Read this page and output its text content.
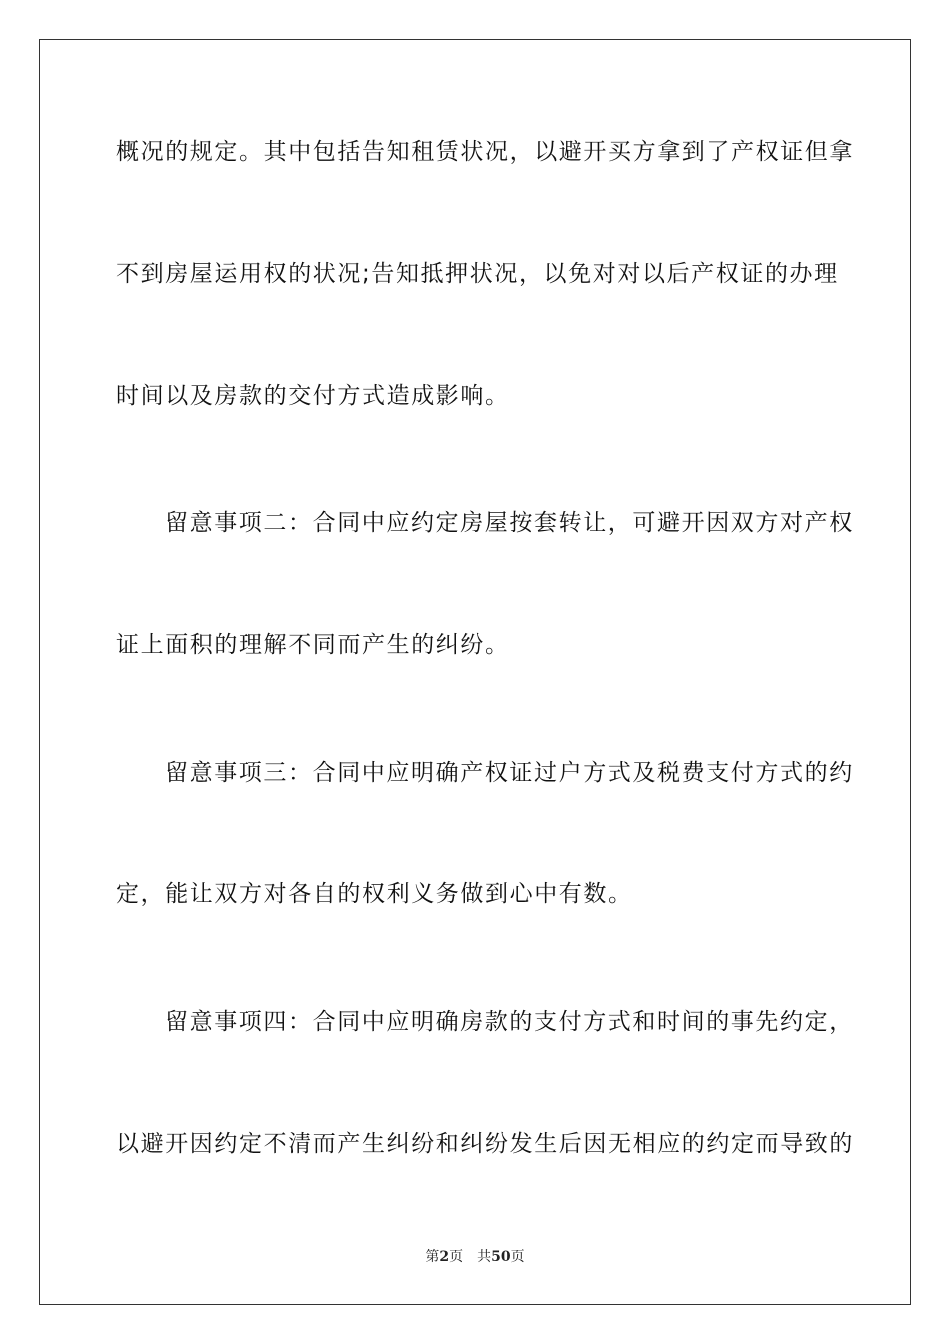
概况的规定。其中包括告知租赁状况，以避开买方拿到了产权证但拿
不到房屋运用权的状况;告知抵押状况，以免对对以后产权证的办理
时间以及房款的交付方式造成影响。
留意事项二：合同中应约定房屋按套转让，可避开因双方对产权
证上面积的理解不同而产生的纠纷。
留意事项三：合同中应明确产权证过户方式及税费支付方式的约
定，能让双方对各自的权利义务做到心中有数。
留意事项四：合同中应明确房款的支付方式和时间的事先约定，
以避开因约定不清而产生纠纷和纠纷发生后因无相应的约定而导致的
第2页 共50页
